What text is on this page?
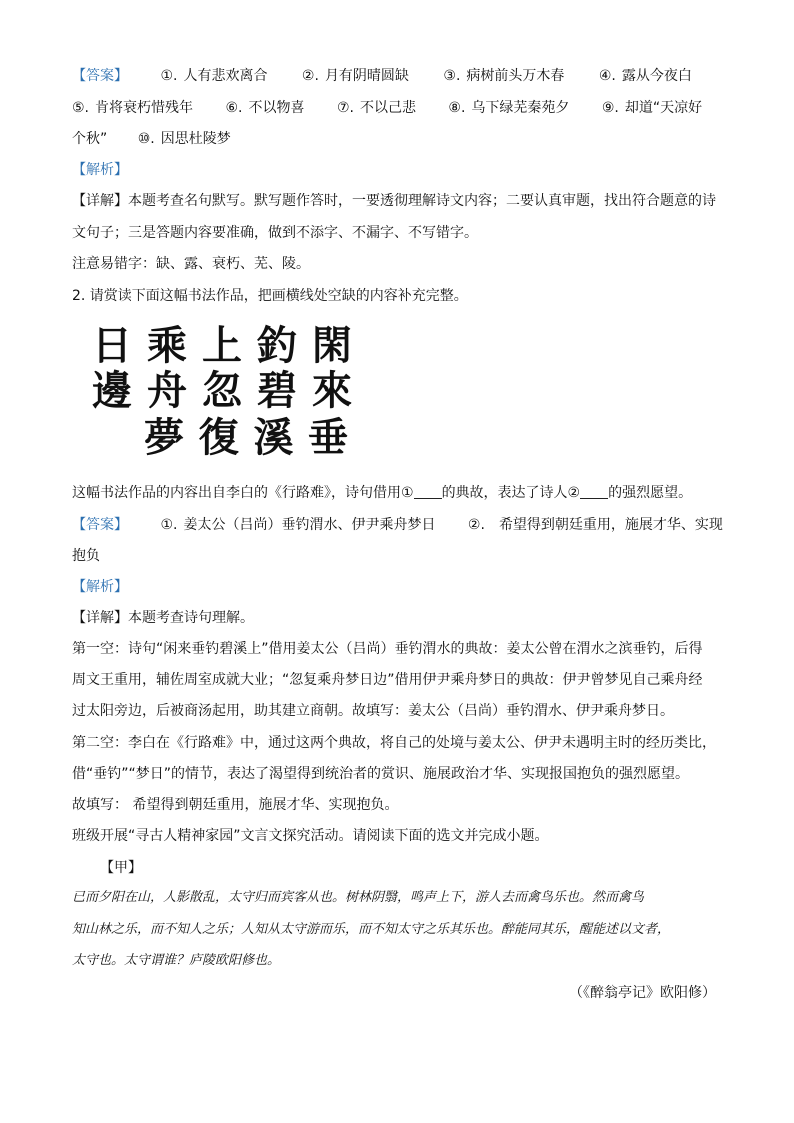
【答案】 ①. 人有悲欢离合 ②. 月有阴晴圆缺 ③. 病树前头万木春 ④. 露从今夜白
⑤. 肯将衰朽惜残年 ⑥. 不以物喜 ⑦. 不以己悲 ⑧. 乌下绿芜秦苑夕 ⑨. 却道“天凉好
个秋” ⑩. 因思杜陵梦
【解析】
【详解】本题考查名句默写。默写题作答时，一要透彻理解诗文内容；二要认真审题，找出符合题意的诗
文句子；三是答题内容要准确，做到不添字、不漏字、不写错字。
注意易错字：缺、露、衰朽、芜、陵。
2. 请赏读下面这幅书法作品，把画横线处空缺的内容补充完整。
日 乘 上 釣 閑
邊 舟 忽 碧 來
夢 復 溪 垂
这幅书法作品的内容出自李白的《行路难》，诗句借用① 的典故，表达了诗人② 的强烈愿望。
【答案】 ①. 姜太公（吕尚）垂钓渭水、伊尹乘舟梦日 ②. 希望得到朝廷重用，施展才华、实现
抱负
【解析】
【详解】本题考查诗句理解。
第一空：诗句“闲来垂钓碧溪上”借用姜太公（吕尚）垂钓渭水的典故：姜太公曾在渭水之滨垂钓，后得
周文王重用，辅佐周室成就大业；“忽复乘舟梦日边”借用伊尹乘舟梦日的典故：伊尹曾梦见自己乘舟经
过太阳旁边，后被商汤起用，助其建立商朝。故填写：姜太公（吕尚）垂钓渭水、伊尹乘舟梦日。
第二空：李白在《行路难》中，通过这两个典故，将自己的处境与姜太公、伊尹未遇明主时的经历类比，
借“垂钓”“梦日”的情节，表达了渴望得到统治者的赏识、施展政治才华、实现报国抱负的强烈愿望。
故填写： 希望得到朝廷重用，施展才华、实现抱负。
班级开展“寻古人精神家园”文言文探究活动。请阅读下面的选文并完成小题。
【甲】
已而夕阳在山，人影散乱，太守归而宾客从也。树林阴翳，鸣声上下，游人去而禽鸟乐也。然而禽鸟
知山林之乐，而不知人之乐；人知从太守游而乐，而不知太守之乐其乐也。醉能同其乐，醒能述以文者，
太守也。太守谓谁？庐陵欧阳修也。
（《醉翁亭记》欧阳修）
